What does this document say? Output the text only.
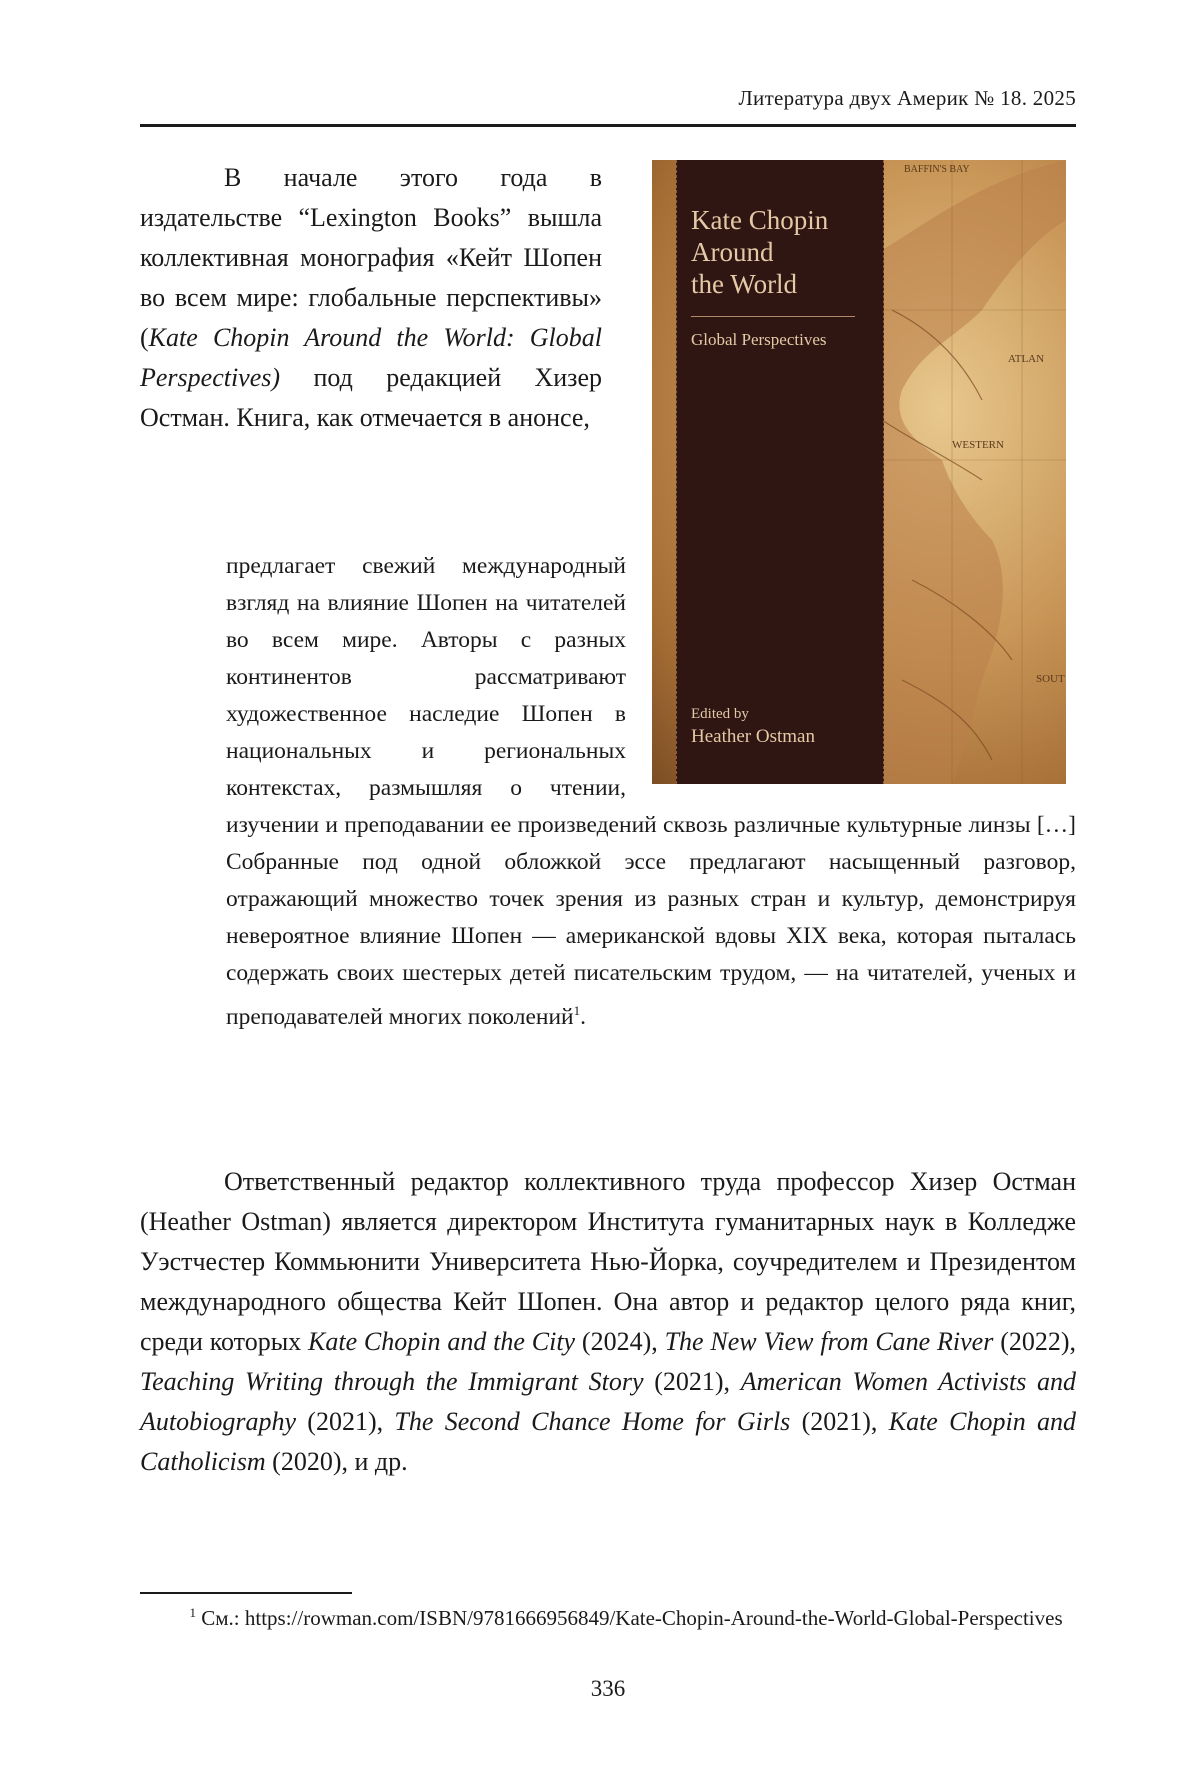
Литература двух Америк № 18. 2025
BAFFIN'S BAY
ATLAN
WESTERN
SOUT
Kate Chopin
Around
the World
Global Perspectives
Edited by
Heather Ostman

В начале этого года в издательстве “Lexington Books” вышла коллективная монография «Кейт Шопен во всем мире: глобальные перспективы» (Kate Chopin Around the World: Global Perspectives) под редакцией Хизер Остман. Книга, как отмечается в анонсе,

предлагает свежий международный взгляд на влияние Шопен на читателей во всем мире. Авторы с разных континентов рассматривают художественное наследие Шопен в национальных и региональных контекстах, размышляя о чтении, изучении и преподавании ее произведений сквозь различные культурные линзы […] Собранные под одной обложкой эссе предлагают насыщенный разговор, отражающий множество точек зрения из разных стран и культур, демонстрируя невероятное влияние Шопен — американской вдовы XIX века, которая пыталась содержать своих шестерых детей писательским трудом, — на читателей, ученых и преподавателей многих поколений$^1$.

Ответственный редактор коллективного труда профессор Хизер Остман (Heather Ostman) является директором Института гуманитарных наук в Колледже Уэстчестер Коммьюнити Университета Нью-Йорка, соучредителем и Президентом международного общества Кейт Шопен. Она автор и редактор целого ряда книг, среди которых Kate Chopin and the City (2024), The New View from Cane River (2022), Teaching Writing through the Immigrant Story (2021), American Women Activists and Autobiography (2021), The Second Chance Home for Girls (2021), Kate Chopin and Catholicism (2020), и др.

$^1$ См.: https://rowman.com/ISBN/9781666956849/Kate-Chopin-Around-the-World-Global-Perspectives

336
